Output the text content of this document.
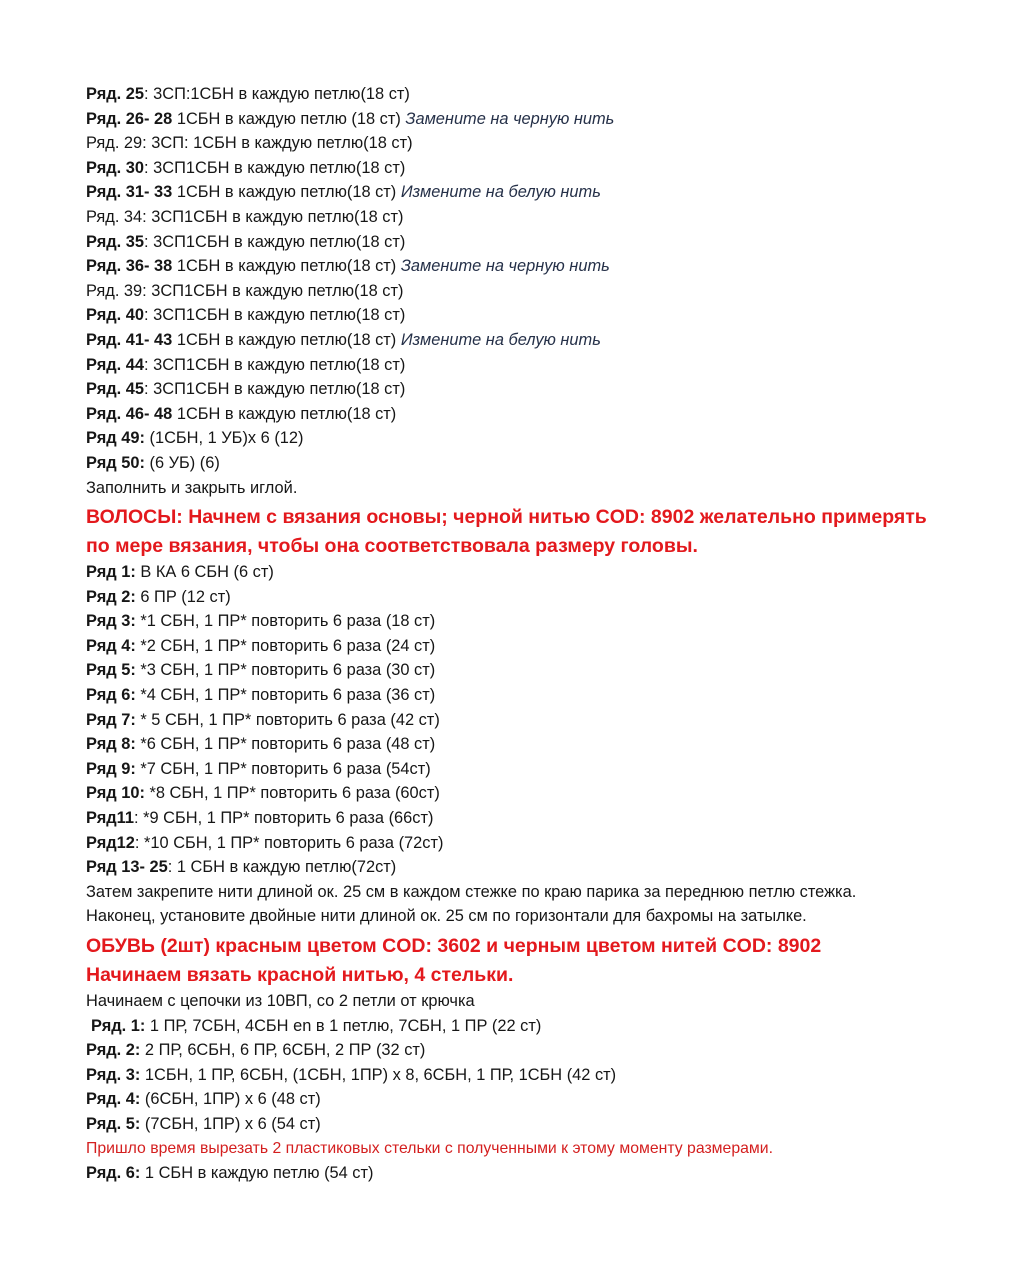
Ряд. 25: 3СП:1СБН в каждую петлю(18 ст)
Ряд. 26- 28 1СБН в каждую петлю (18 ст) Замените на черную нить
Ряд. 29: 3СП: 1СБН в каждую петлю(18 ст)
Ряд. 30: 3СП1СБН в каждую петлю(18 ст)
Ряд. 31- 33 1СБН в каждую петлю(18 ст) Измените на белую нить
Ряд. 34: 3СП1СБН в каждую петлю(18 ст)
Ряд. 35: 3СП1СБН в каждую петлю(18 ст)
Ряд. 36- 38 1СБН в каждую петлю(18 ст) Замените на черную нить
Ряд. 39: 3СП1СБН в каждую петлю(18 ст)
Ряд. 40: 3СП1СБН в каждую петлю(18 ст)
Ряд. 41- 43 1СБН в каждую петлю(18 ст) Измените на белую нить
Ряд. 44: 3СП1СБН в каждую петлю(18 ст)
Ряд. 45: 3СП1СБН в каждую петлю(18 ст)
Ряд. 46- 48 1СБН в каждую петлю(18 ст)
Ряд 49: (1СБН, 1 УБ)х 6 (12)
Ряд 50: (6 УБ) (6)
Заполнить и закрыть иглой.
ВОЛОСЫ: Начнем с вязания основы; черной нитью COD: 8902 желательно примерять
по мере вязания, чтобы она соответствовала размеру головы.
Ряд 1: В КА 6 СБН (6 ст)
Ряд 2: 6 ПР (12 ст)
Ряд 3: *1 СБН, 1 ПР* повторить 6 раза (18 ст)
Ряд 4: *2 СБН, 1 ПР* повторить 6 раза (24 ст)
Ряд 5: *3 СБН, 1 ПР* повторить 6 раза (30 ст)
Ряд 6: *4 СБН, 1 ПР* повторить 6 раза (36 ст)
Ряд 7: * 5 СБН, 1 ПР* повторить 6 раза (42 ст)
Ряд 8: *6 СБН, 1 ПР* повторить 6 раза (48 ст)
Ряд 9: *7 СБН, 1 ПР* повторить 6 раза (54ст)
Ряд 10: *8 СБН, 1 ПР* повторить 6 раза (60ст)
Ряд11: *9 СБН, 1 ПР* повторить 6 раза (66ст)
Ряд12: *10 СБН, 1 ПР* повторить 6 раза (72ст)
Ряд 13- 25: 1 СБН в каждую петлю(72ст)
Затем закрепите нити длиной ок. 25 см в каждом стежке по краю парика за переднюю петлю стежка.
Наконец, установите двойные нити длиной ок. 25 см по горизонтали для бахромы на затылке.
ОБУВЬ (2шт) красным цветом COD: 3602 и черным цветом нитей COD: 8902
Начинаем вязать красной нитью, 4 стельки.
Начинаем с цепочки из 10ВП, со 2 петли от крючка
Ряд. 1: 1 ПР, 7СБН, 4СБН en в 1 петлю, 7СБН, 1 ПР (22 ст)
Ряд. 2: 2 ПР, 6СБН, 6 ПР, 6СБН, 2 ПР (32 ст)
Ряд. 3: 1СБН, 1 ПР, 6СБН, (1СБН, 1ПР) х 8, 6СБН, 1 ПР, 1СБН (42 ст)
Ряд. 4: (6СБН, 1ПР) х 6 (48 ст)
Ряд. 5: (7СБН, 1ПР) х 6 (54 ст)
Пришло время вырезать 2 пластиковых стельки с полученными к этому моменту размерами.
Ряд. 6: 1 СБН в каждую петлю (54 ст)
